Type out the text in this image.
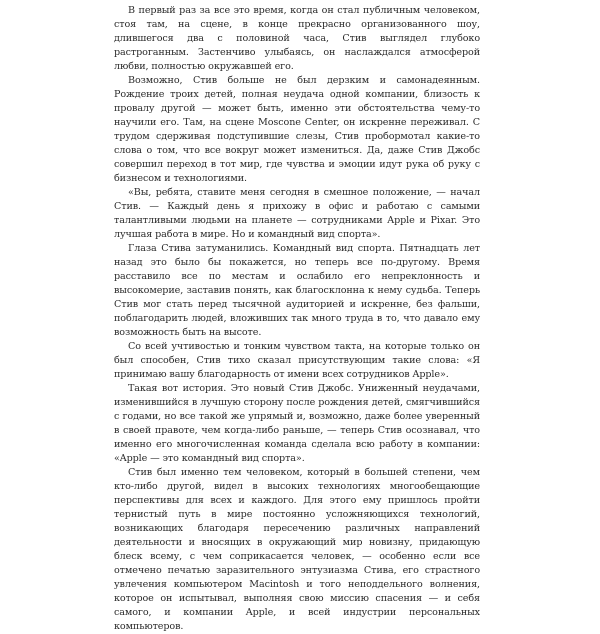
В первый раз за все это время, когда он стал публичным человеком, стоя там, на сцене, в конце прекрасно организованного шоу, длившегося два с половиной часа, Стив выглядел глубоко растроганным. Застенчиво улыбаясь, он наслаждался атмосферой любви, полностью окружавшей его.

Возможно, Стив больше не был дерзким и самонадеянным. Рождение троих детей, полная неудача одной компании, близость к провалу другой — может быть, именно эти обстоятельства чему-то научили его. Там, на сцене Moscone Center, он искренне переживал. С трудом сдерживая подступившие слезы, Стив пробормотал какие-то слова о том, что все вокруг может измениться. Да, даже Стив Джобс совершил переход в тот мир, где чувства и эмоции идут рука об руку с бизнесом и технологиями.

«Вы, ребята, ставите меня сегодня в смешное положение, — начал Стив. — Каждый день я прихожу в офис и работаю с самыми талантливыми людьми на планете — сотрудниками Apple и Pixar. Это лучшая работа в мире. Но и командный вид спорта».

Глаза Стива затуманились. Командный вид спорта. Пятнадцать лет назад это было бы покажется, но теперь все по-другому. Время расставило все по местам и ослабило его непреклонность и высокомерие, заставив понять, как благосклонна к нему судьба. Теперь Стив мог стать перед тысячной аудиторией и искренне, без фальши, поблагодарить людей, вложивших так много труда в то, что давало ему возможность быть на высоте.

Со всей учтивостью и тонким чувством такта, на которые только он был способен, Стив тихо сказал присутствующим такие слова: «Я принимаю вашу благодарность от имени всех сотрудников Apple».

Такая вот история. Это новый Стив Джобс. Униженный неудачами, изменившийся в лучшую сторону после рождения детей, смягчившийся с годами, но все такой же упрямый и, возможно, даже более уверенный в своей правоте, чем когда-либо раньше, — теперь Стив осознавал, что именно его многочисленная команда сделала всю работу в компании: «Apple — это командный вид спорта».

Стив был именно тем человеком, который в большей степени, чем кто-либо другой, видел в высоких технологиях многообещающие перспективы для всех и каждого. Для этого ему пришлось пройти тернистый путь в мире постоянно усложняющихся технологий, возникающих благодаря пересечению различных направлений деятельности и вносящих в окружающий мир новизну, придающую блеск всему, с чем соприкасается человек, — особенно если все отмечено печатью заразительного энтузиазма Стива, его страстного увлечения компьютером Macintosh и того неподдельного волнения, которое он испытывал, выполняя свою миссию спасения — и себя самого, и компании Apple, и всей индустрии персональных компьютеров.
